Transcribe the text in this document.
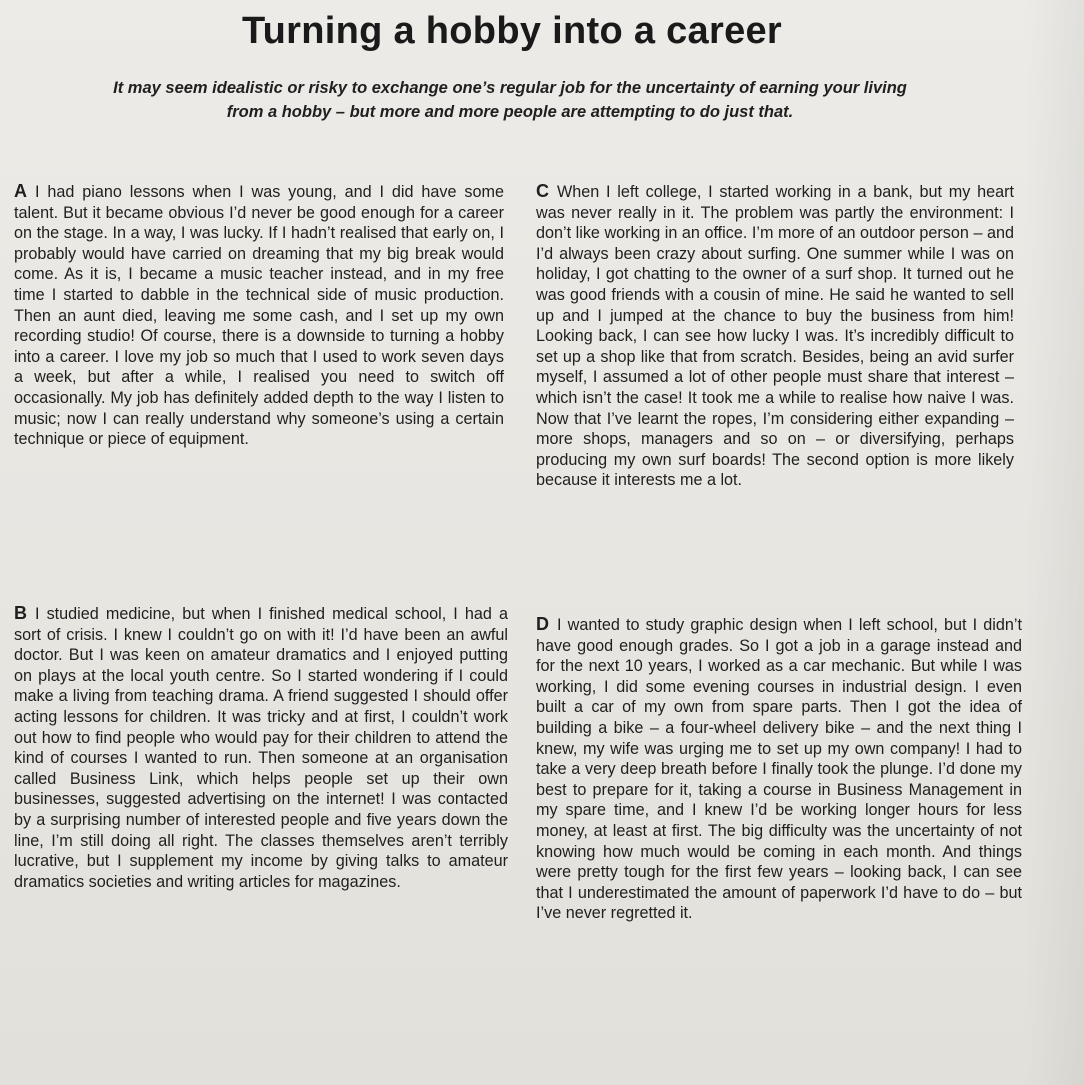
Turning a hobby into a career
It may seem idealistic or risky to exchange one’s regular job for the uncertainty of earning your living from a hobby – but more and more people are attempting to do just that.
A I had piano lessons when I was young, and I did have some talent. But it became obvious I’d never be good enough for a career on the stage. In a way, I was lucky. If I hadn’t realised that early on, I probably would have carried on dreaming that my big break would come. As it is, I became a music teacher instead, and in my free time I started to dabble in the technical side of music production. Then an aunt died, leaving me some cash, and I set up my own recording studio! Of course, there is a downside to turning a hobby into a career. I love my job so much that I used to work seven days a week, but after a while, I realised you need to switch off occasionally. My job has definitely added depth to the way I listen to music; now I can really understand why someone’s using a certain technique or piece of equipment.
B I studied medicine, but when I finished medical school, I had a sort of crisis. I knew I couldn’t go on with it! I’d have been an awful doctor. But I was keen on amateur dramatics and I enjoyed putting on plays at the local youth centre. So I started wondering if I could make a living from teaching drama. A friend suggested I should offer acting lessons for children. It was tricky and at first, I couldn’t work out how to find people who would pay for their children to attend the kind of courses I wanted to run. Then someone at an organisation called Business Link, which helps people set up their own businesses, suggested advertising on the internet! I was contacted by a surprising number of interested people and five years down the line, I’m still doing all right. The classes themselves aren’t terribly lucrative, but I supplement my income by giving talks to amateur dramatics societies and writing articles for magazines.
C When I left college, I started working in a bank, but my heart was never really in it. The problem was partly the environment: I don’t like working in an office. I’m more of an outdoor person – and I’d always been crazy about surfing. One summer while I was on holiday, I got chatting to the owner of a surf shop. It turned out he was good friends with a cousin of mine. He said he wanted to sell up and I jumped at the chance to buy the business from him! Looking back, I can see how lucky I was. It’s incredibly difficult to set up a shop like that from scratch. Besides, being an avid surfer myself, I assumed a lot of other people must share that interest – which isn’t the case! It took me a while to realise how naive I was. Now that I’ve learnt the ropes, I’m considering either expanding – more shops, managers and so on – or diversifying, perhaps producing my own surf boards! The second option is more likely because it interests me a lot.
D I wanted to study graphic design when I left school, but I didn’t have good enough grades. So I got a job in a garage instead and for the next 10 years, I worked as a car mechanic. But while I was working, I did some evening courses in industrial design. I even built a car of my own from spare parts. Then I got the idea of building a bike – a four-wheel delivery bike – and the next thing I knew, my wife was urging me to set up my own company! I had to take a very deep breath before I finally took the plunge. I’d done my best to prepare for it, taking a course in Business Management in my spare time, and I knew I’d be working longer hours for less money, at least at first. The big difficulty was the uncertainty of not knowing how much would be coming in each month. And things were pretty tough for the first few years – looking back, I can see that I underestimated the amount of paperwork I’d have to do – but I’ve never regretted it.
